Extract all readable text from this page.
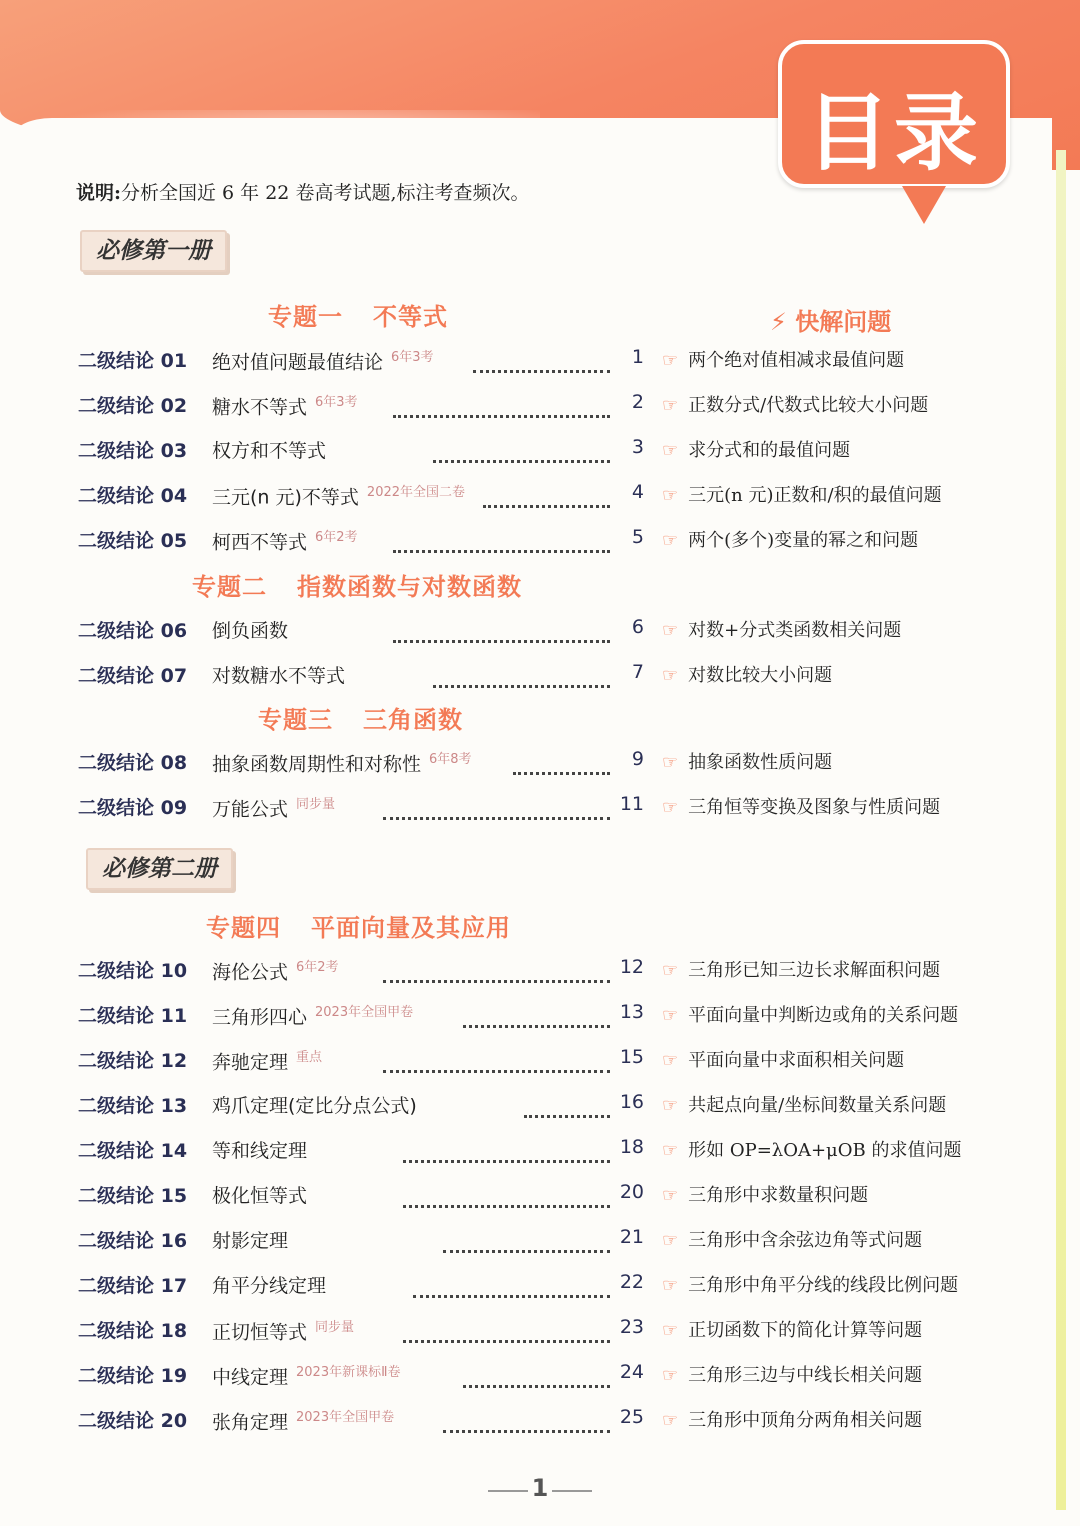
目录
说明:分析全国近 6 年 22 卷高考试题,标注考查频次。
必修第一册
必修第二册
专题一 不等式
专题二 指数函数与对数函数
专题三 三角函数
专题四 平面向量及其应用
⚡ 快解问题
二级结论 01 绝对值问题最值结论 $^{6年3考}$	1 ☞ 两个绝对值相减求最值问题
二级结论 02 糖水不等式 $^{6年3考}$	2 ☞ 正数分式/代数式比较大小问题
二级结论 03 权方和不等式	3 ☞ 求分式和的最值问题
二级结论 04 三元(n 元)不等式 $^{2022年全国二卷}$	4 ☞ 三元(n 元)正数和/积的最值问题
二级结论 05 柯西不等式 $^{6年2考}$	5 ☞ 两个(多个)变量的幂之和问题
二级结论 06 倒负函数	6 ☞ 对数+分式类函数相关问题
二级结论 07 对数糖水不等式	7 ☞ 对数比较大小问题
二级结论 08 抽象函数周期性和对称性 $^{6年8考}$	9 ☞ 抽象函数性质问题
二级结论 09 万能公式 $^{同步量}$	11 ☞ 三角恒等变换及图象与性质问题
二级结论 10 海伦公式 $^{6年2考}$	12 ☞ 三角形已知三边长求解面积问题
二级结论 11 三角形四心 $^{2023年全国甲卷}$	13 ☞ 平面向量中判断边或角的关系问题
二级结论 12 奔驰定理 $^{重点}$	15 ☞ 平面向量中求面积相关问题
二级结论 13 鸡爪定理(定比分点公式)	16 ☞ 共起点向量/坐标间数量关系问题
二级结论 14 等和线定理	18 ☞ 形如 OP=λOA+μOB 的求值问题
二级结论 15 极化恒等式	20 ☞ 三角形中求数量积问题
二级结论 16 射影定理	21 ☞ 三角形中含余弦边角等式问题
二级结论 17 角平分线定理	22 ☞ 三角形中角平分线的线段比例问题
二级结论 18 正切恒等式 $^{同步量}$	23 ☞ 正切函数下的简化计算等问题
二级结论 19 中线定理 $^{2023年新课标Ⅱ卷}$	24 ☞ 三角形三边与中线长相关问题
二级结论 20 张角定理 $^{2023年全国甲卷}$	25 ☞ 三角形中顶角分两角相关问题
1
